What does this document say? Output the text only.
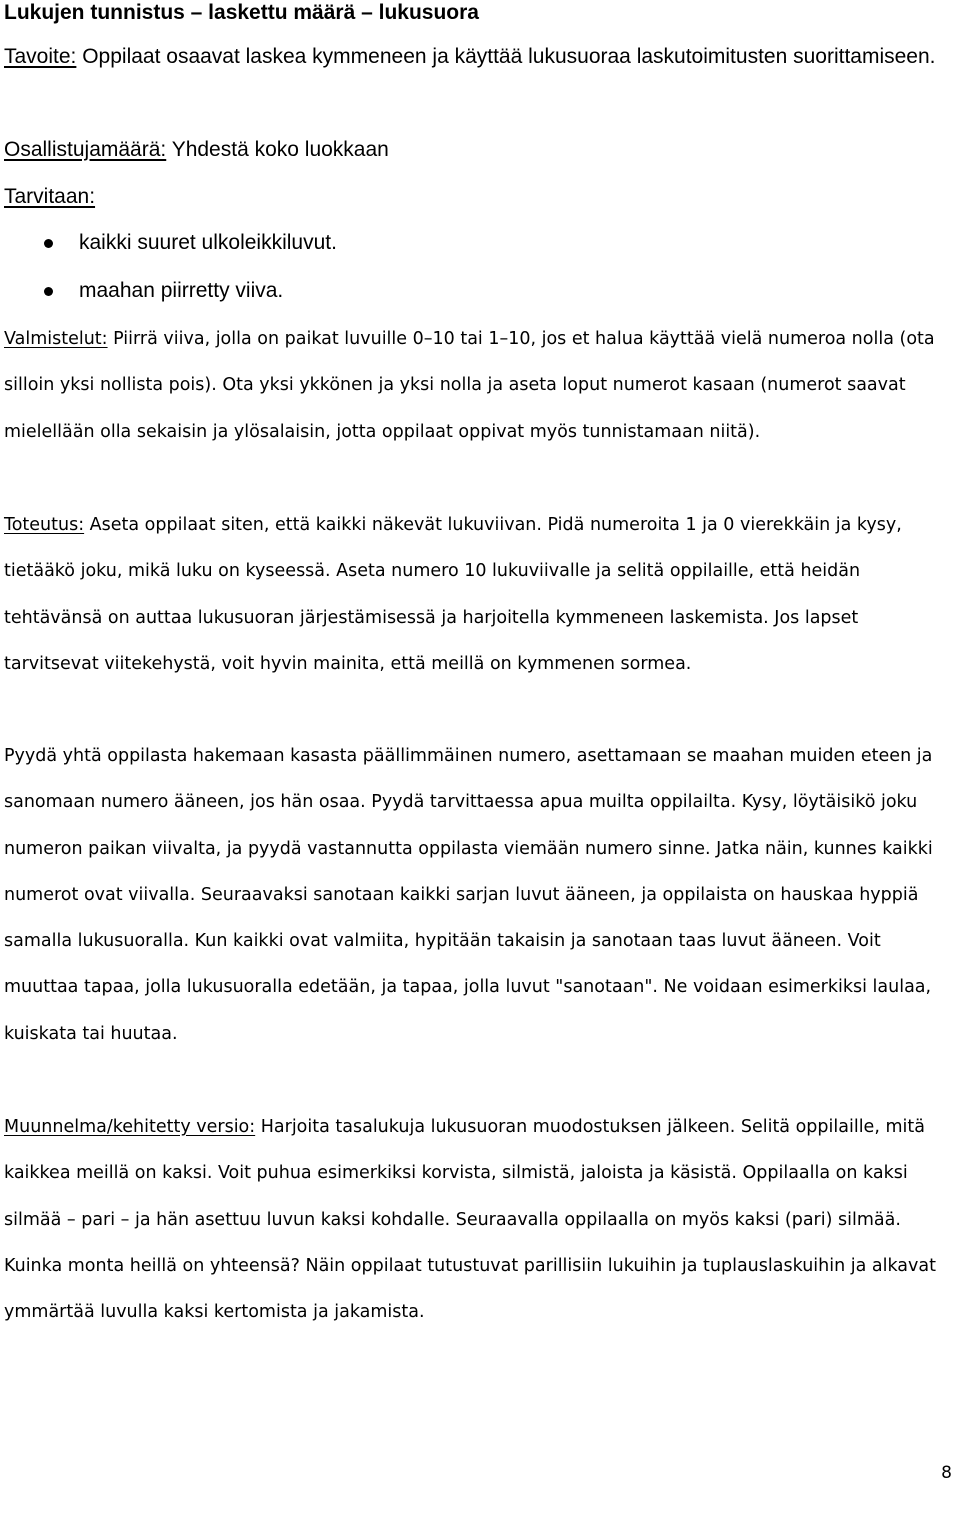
Lukujen tunnistus – laskettu määrä – lukusuora

Tavoite: Oppilaat osaavat laskea kymmeneen ja käyttää lukusuoraa laskutoimitusten suorittamiseen.

Osallistujamäärä: Yhdestä koko luokkaan

Tarvitaan:

kaikki suuret ulkoleikkiluvut.
maahan piirretty viiva.

Valmistelut: Piirrä viiva, jolla on paikat luvuille 0–10 tai 1–10, jos et halua käyttää vielä numeroa nolla (ota silloin yksi nollista pois). Ota yksi ykkönen ja yksi nolla ja aseta loput numerot kasaan (numerot saavat mielellään olla sekaisin ja ylösalaisin, jotta oppilaat oppivat myös tunnistamaan niitä).

Toteutus: Aseta oppilaat siten, että kaikki näkevät lukuviivan. Pidä numeroita 1 ja 0 vierekkäin ja kysy, tietääkö joku, mikä luku on kyseessä. Aseta numero 10 lukuviivalle ja selitä oppilaille, että heidän tehtävänsä on auttaa lukusuoran järjestämisessä ja harjoitella kymmeneen laskemista. Jos lapset tarvitsevat viitekehystä, voit hyvin mainita, että meillä on kymmenen sormea.

Pyydä yhtä oppilasta hakemaan kasasta päällimmäinen numero, asettamaan se maahan muiden eteen ja sanomaan numero ääneen, jos hän osaa. Pyydä tarvittaessa apua muilta oppilailta. Kysy, löytäisikö joku numeron paikan viivalta, ja pyydä vastannutta oppilasta viemään numero sinne. Jatka näin, kunnes kaikki numerot ovat viivalla. Seuraavaksi sanotaan kaikki sarjan luvut ääneen, ja oppilaista on hauskaa hyppiä samalla lukusuoralla. Kun kaikki ovat valmiita, hypitään takaisin ja sanotaan taas luvut ääneen. Voit muuttaa tapaa, jolla lukusuoralla edetään, ja tapaa, jolla luvut "sanotaan". Ne voidaan esimerkiksi laulaa, kuiskata tai huutaa.

Muunnelma/kehitetty versio: Harjoita tasalukuja lukusuoran muodostuksen jälkeen. Selitä oppilaille, mitä kaikkea meillä on kaksi. Voit puhua esimerkiksi korvista, silmistä, jaloista ja käsistä. Oppilaalla on kaksi silmää – pari – ja hän asettuu luvun kaksi kohdalle. Seuraavalla oppilaalla on myös kaksi (pari) silmää. Kuinka monta heillä on yhteensä? Näin oppilaat tutustuvat parillisiin lukuihin ja tuplauslaskuihin ja alkavat ymmärtää luvulla kaksi kertomista ja jakamista.

8
